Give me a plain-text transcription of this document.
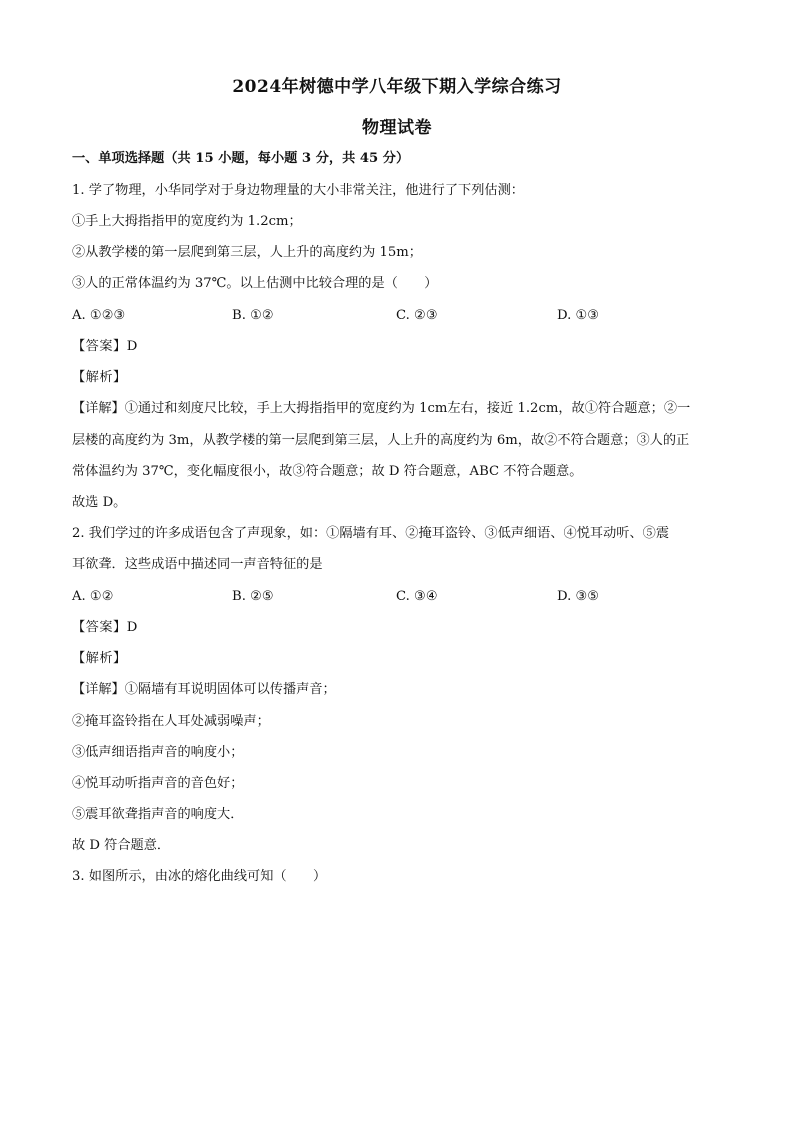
2024年树德中学八年级下期入学综合练习
物理试卷
一、单项选择题（共 15 小题，每小题 3 分，共 45 分）
1. 学了物理，小华同学对于身边物理量的大小非常关注，他进行了下列估测：
①手上大拇指指甲的宽度约为 1.2cm；
②从教学楼的第一层爬到第三层，人上升的高度约为 15m；
③人的正常体温约为 37℃。以上估测中比较合理的是（　　）
A. ①②③	B. ①②	C. ②③	D. ①③
【答案】D
【解析】
【详解】①通过和刻度尺比较，手上大拇指指甲的宽度约为 1cm左右，接近 1.2cm，故①符合题意；②一
层楼的高度约为 3m，从教学楼的第一层爬到第三层，人上升的高度约为 6m，故②不符合题意；③人的正
常体温约为 37℃，变化幅度很小，故③符合题意；故 D 符合题意，ABC 不符合题意。
故选 D。
2. 我们学过的许多成语包含了声现象，如：①隔墙有耳、②掩耳盗铃、③低声细语、④悦耳动听、⑤震
耳欲聋．这些成语中描述同一声音特征的是
A. ①②	B. ②⑤	C. ③④	D. ③⑤
【答案】D
【解析】
【详解】①隔墙有耳说明固体可以传播声音；
②掩耳盗铃指在人耳处减弱噪声；
③低声细语指声音的响度小；
④悦耳动听指声音的音色好；
⑤震耳欲聋指声音的响度大．
故 D 符合题意．
3. 如图所示，由冰的熔化曲线可知（　　）
